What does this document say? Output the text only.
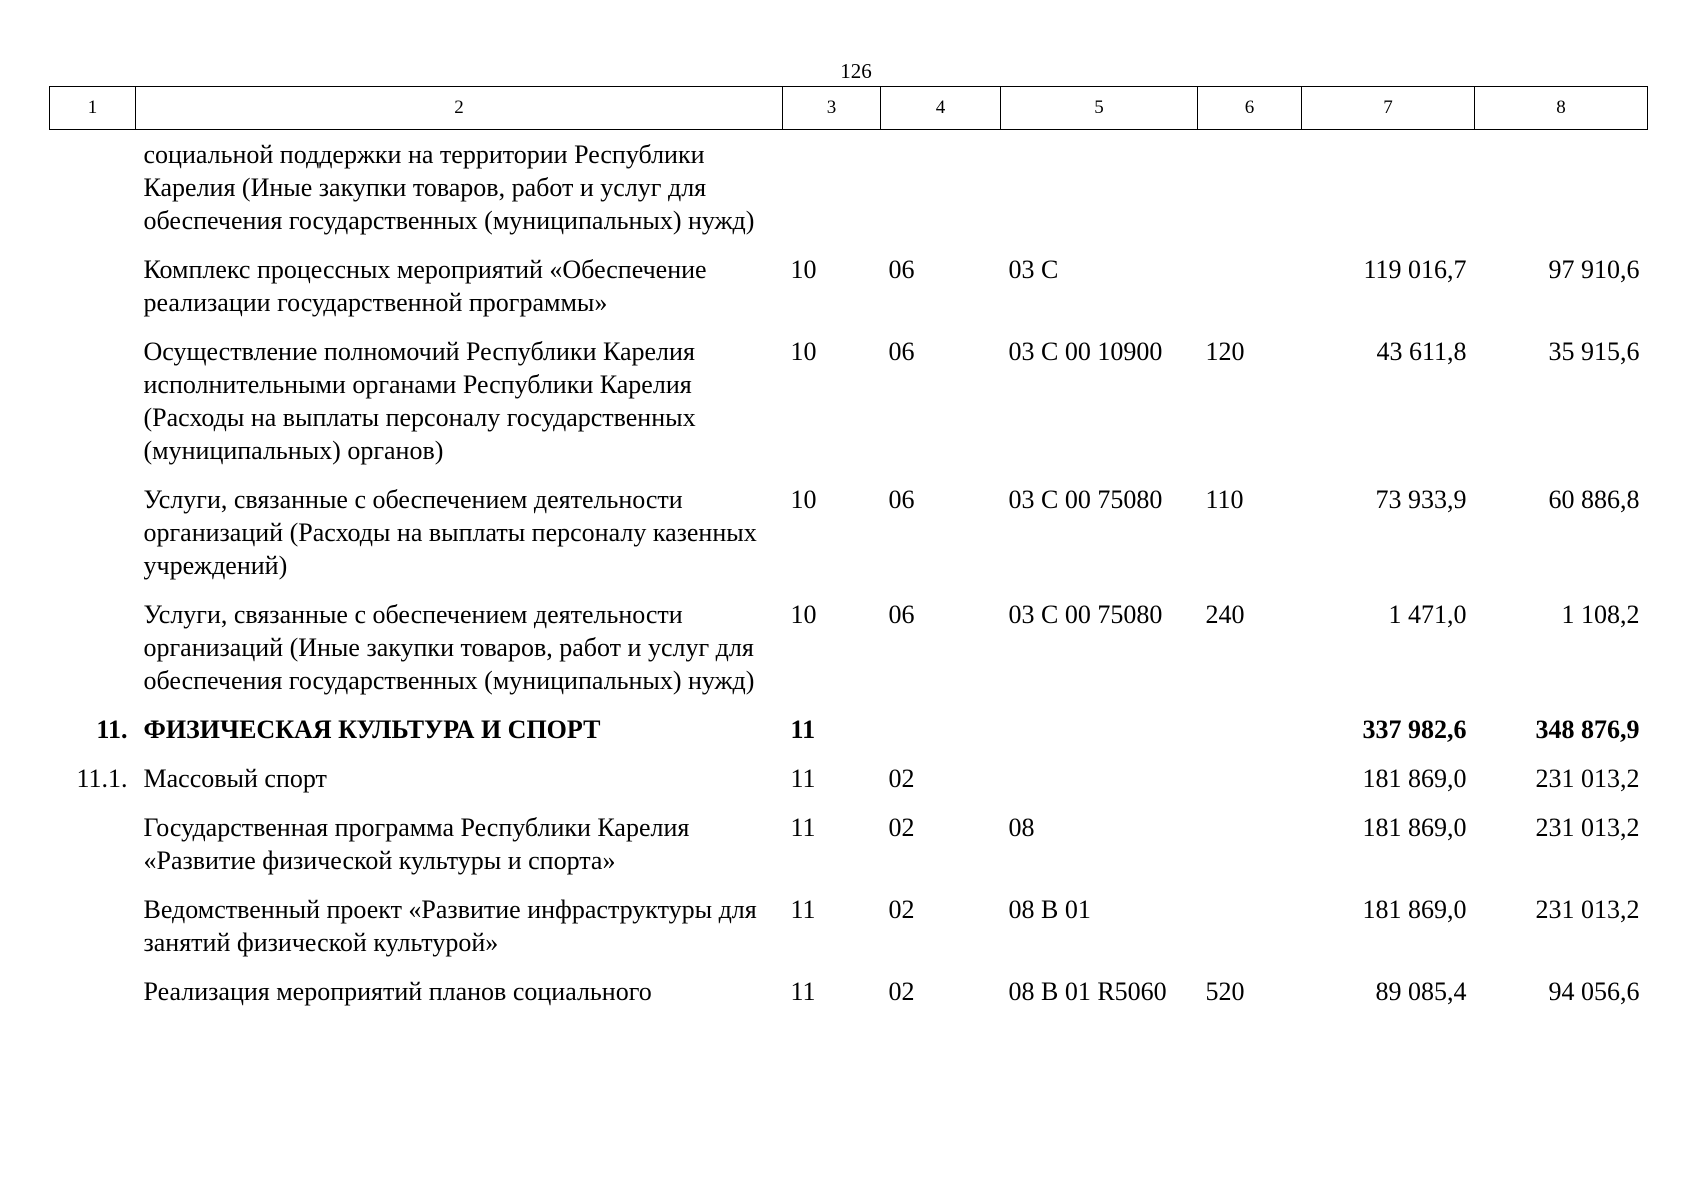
126
1	2	3	4	5	6	7	8
	социальной поддержки на территории Республики Карелия (Иные закупки товаров, работ и услуг для обеспечения государственных (муниципальных) нужд)						
	Комплекс процессных мероприятий «Обеспечение реализации государственной программы»	10	06	03 С		119 016,7	97 910,6
	Осуществление полномочий Республики Карелия исполнительными органами Республики Карелия (Расходы на выплаты персоналу государственных (муниципальных) органов)	10	06	03 С 00 10900	120	43 611,8	35 915,6
	Услуги, связанные с обеспечением деятельности организаций (Расходы на выплаты персоналу казенных учреждений)	10	06	03 С 00 75080	110	73 933,9	60 886,8
	Услуги, связанные с обеспечением деятельности организаций (Иные закупки товаров, работ и услуг для обеспечения государственных (муниципальных) нужд)	10	06	03 С 00 75080	240	1 471,0	1 108,2
11.	ФИЗИЧЕСКАЯ КУЛЬТУРА И СПОРТ	11				337 982,6	348 876,9
11.1.	Массовый спорт	11	02			181 869,0	231 013,2
	Государственная программа Республики Карелия «Развитие физической культуры и спорта»	11	02	08		181 869,0	231 013,2
	Ведомственный проект «Развитие инфраструктуры для занятий физической культурой»	11	02	08 В 01		181 869,0	231 013,2
	Реализация мероприятий планов социального	11	02	08 В 01 R5060	520	89 085,4	94 056,6
